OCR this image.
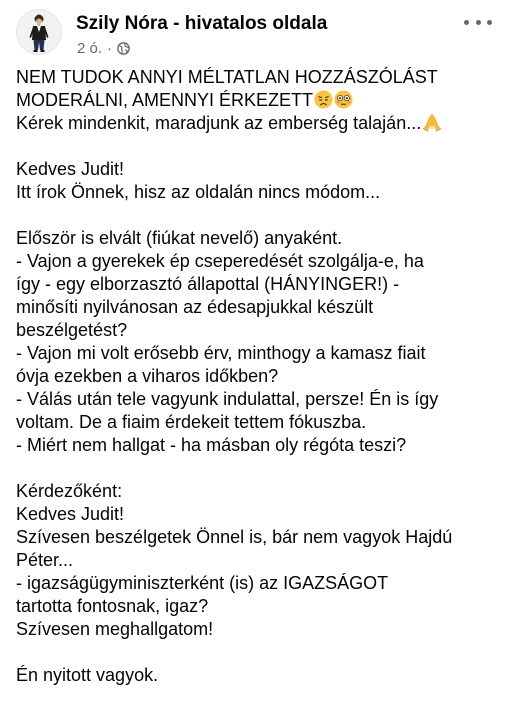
Szily Nóra - hivatalos oldala
2 ó. ·
NEM TUDOK ANNYI MÉLTATLAN HOZZÁSZÓLÁST
MODERÁLNI, AMENNYI ÉRKEZETT
Kérek mindenkit, maradjunk az emberség talaján...
Kedves Judit!
Itt írok Önnek, hisz az oldalán nincs módom...
Először is elvált (fiúkat nevelő) anyaként.
- Vajon a gyerekek ép cseperedését szolgálja-e, ha
így - egy elborzasztó állapottal (HÁNYINGER!) -
minősíti nyilvánosan az édesapjukkal készült
beszélgetést?
- Vajon mi volt erősebb érv, minthogy a kamasz fiait
óvja ezekben a viharos időkben?
- Válás után tele vagyunk indulattal, persze! Én is így
voltam. De a fiaim érdekeit tettem fókuszba.
- Miért nem hallgat - ha másban oly régóta teszi?
Kérdezőként:
Kedves Judit!
Szívesen beszélgetek Önnel is, bár nem vagyok Hajdú
Péter...
- igazságügyminiszterként (is) az IGAZSÁGOT
tartotta fontosnak, igaz?
Szívesen meghallgatom!
Én nyitott vagyok.
